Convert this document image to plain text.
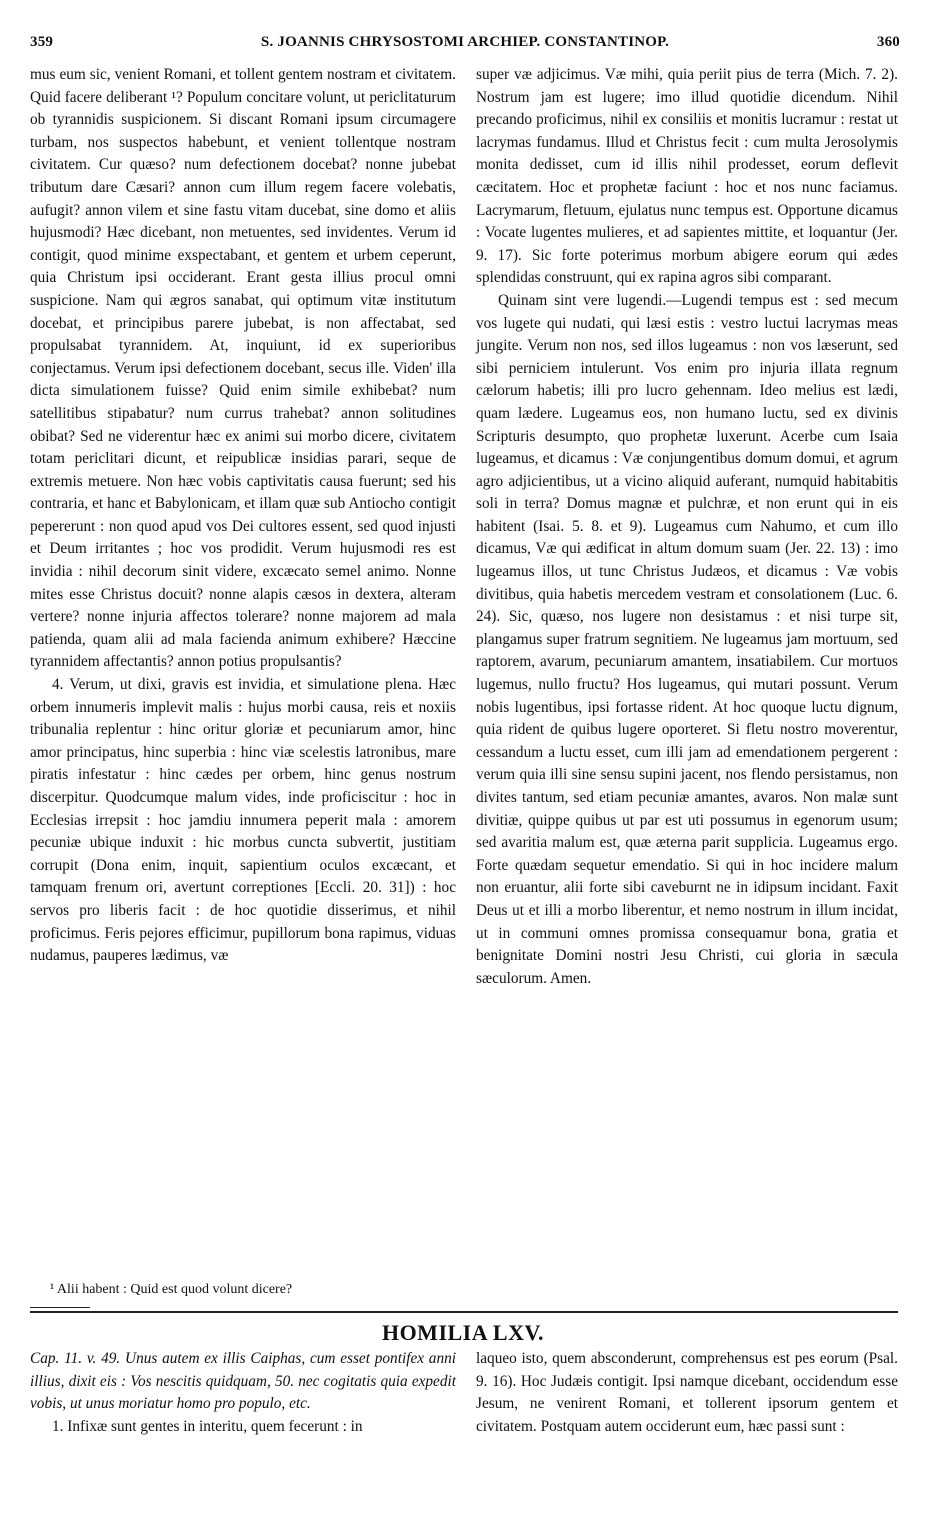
359	S. JOANNIS CHRYSOSTOMI ARCHIEP. CONSTANTINOP.	360

mus eum sic, venient Romani, et tollent gentem nostram et civitatem. Quid facere deliberant ¹? Populum concitare volunt, ut periclitaturum ob tyrannidis suspicionem. Si discant Romani ipsum circumagere turbam, nos suspectos habebunt, et venient tollentque nostram civitatem. Cur quæso? num defectionem docebat? nonne jubebat tributum dare Cæsari? annon cum illum regem facere volebatis, aufugit? annon vilem et sine fastu vitam ducebat, sine domo et aliis hujusmodi? Hæc dicebant, non metuentes, sed invidentes. Verum id contigit, quod minime exspectabant, et gentem et urbem ceperunt, quia Christum ipsi occiderant. Erant gesta illius procul omni suspicione. Nam qui ægros sanabat, qui optimum vitæ institutum docebat, et principibus parere jubebat, is non affectabat, sed propulsabat tyrannidem. At, inquiunt, id ex superioribus conjectamus. Verum ipsi defectionem docebant, secus ille. Viden' illa dicta simulationem fuisse? Quid enim simile exhibebat? num satellitibus stipabatur? num currus trahebat? annon solitudines obibat? Sed ne viderentur hæc ex animi sui morbo dicere, civitatem totam periclitari dicunt, et reipublicæ insidias parari, seque de extremis metuere. Non hæc vobis captivitatis causa fuerunt; sed his contraria, et hanc et Babylonicam, et illam quæ sub Antiocho contigit pepererunt : non quod apud vos Dei cultores essent, sed quod injusti et Deum irritantes ; hoc vos prodidit. Verum hujusmodi res est invidia : nihil decorum sinit videre, excæcato semel animo. Nonne mites esse Christus docuit? nonne alapis cæsos in dextera, alteram vertere? nonne injuria affectos tolerare? nonne majorem ad mala patienda, quam alii ad mala facienda animum exhibere? Hæccine tyrannidem affectantis? annon potius propulsantis?

4. Verum, ut dixi, gravis est invidia, et simulatione plena. Hæc orbem innumeris implevit malis : hujus morbi causa, reis et noxiis tribunalia replentur : hinc oritur gloriæ et pecuniarum amor, hinc amor principatus, hinc superbia : hinc viæ scelestis latronibus, mare piratis infestatur : hinc cædes per orbem, hinc genus nostrum discerpitur. Quodcumque malum vides, inde proficiscitur : hoc in Ecclesias irrepsit : hoc jamdiu innumera peperit mala : amorem pecuniæ ubique induxit : hic morbus cuncta subvertit, justitiam corrupit (Dona enim, inquit, sapientium oculos excæcant, et tamquam frenum ori, avertunt correptiones [Eccli. 20. 31]) : hoc servos pro liberis facit : de hoc quotidie disserimus, et nihil proficimus. Feris pejores efficimur, pupillorum bona rapimus, viduas nudamus, pauperes lædimus, væ

super væ adjicimus. Væ mihi, quia periit pius de terra (Mich. 7. 2). Nostrum jam est lugere; imo illud quotidie dicendum. Nihil precando proficimus, nihil ex consiliis et monitis lucramur : restat ut lacrymas fundamus. Illud et Christus fecit : cum multa Jerosolymis monita dedisset, cum id illis nihil prodesset, eorum deflevit cæcitatem. Hoc et prophetæ faciunt : hoc et nos nunc faciamus. Lacrymarum, fletuum, ejulatus nunc tempus est. Opportune dicamus : Vocate lugentes mulieres, et ad sapientes mittite, et loquantur (Jer. 9. 17). Sic forte poterimus morbum abigere eorum qui ædes splendidas construunt, qui ex rapina agros sibi comparant.

Quinam sint vere lugendi.—Lugendi tempus est : sed mecum vos lugete qui nudati, qui læsi estis : vestro luctui lacrymas meas jungite. Verum non nos, sed illos lugeamus : non vos læserunt, sed sibi perniciem intulerunt. Vos enim pro injuria illata regnum cælorum habetis; illi pro lucro gehennam. Ideo melius est lædi, quam lædere. Lugeamus eos, non humano luctu, sed ex divinis Scripturis desumpto, quo prophetæ luxerunt. Acerbe cum Isaia lugeamus, et dicamus : Væ conjungentibus domum domui, et agrum agro adjicientibus, ut a vicino aliquid auferant, numquid habitabitis soli in terra? Domus magnæ et pulchræ, et non erunt qui in eis habitent (Isai. 5. 8. et 9). Lugeamus cum Nahumo, et cum illo dicamus, Væ qui ædificat in altum domum suam (Jer. 22. 13) : imo lugeamus illos, ut tunc Christus Judæos, et dicamus : Væ vobis divitibus, quia habetis mercedem vestram et consolationem (Luc. 6. 24). Sic, quæso, nos lugere non desistamus : et nisi turpe sit, plangamus super fratrum segnitiem. Ne lugeamus jam mortuum, sed raptorem, avarum, pecuniarum amantem, insatiabilem. Cur mortuos lugemus, nullo fructu? Hos lugeamus, qui mutari possunt. Verum nobis lugentibus, ipsi fortasse rident. At hoc quoque luctu dignum, quia rident de quibus lugere oporteret. Si fletu nostro moverentur, cessandum a luctu esset, cum illi jam ad emendationem pergerent : verum quia illi sine sensu supini jacent, nos flendo persistamus, non divites tantum, sed etiam pecuniæ amantes, avaros. Non malæ sunt divitiæ, quippe quibus ut par est uti possumus in egenorum usum; sed avaritia malum est, quæ æterna parit supplicia. Lugeamus ergo. Forte quædam sequetur emendatio. Si qui in hoc incidere malum non eruantur, alii forte sibi caveburnt ne in idipsum incidant. Faxit Deus ut et illi a morbo liberentur, et nemo nostrum in illum incidat, ut in communi omnes promissa consequamur bona, gratia et benignitate Domini nostri Jesu Christi, cui gloria in sæcula sæculorum. Amen.

¹ Alii habent : Quid est quod volunt dicere?
HOMILIA LXV.

Cap. 11. v. 49. Unus autem ex illis Caiphas, cum esset pontifex anni illius, dixit eis : Vos nescitis quidquam, 50. nec cogitatis quia expedit vobis, ut unus moriatur homo pro populo, etc.

1. Infixæ sunt gentes in interitu, quem fecerunt : in

laqueo isto, quem absconderunt, comprehensus est pes eorum (Psal. 9. 16). Hoc Judæis contigit. Ipsi namque dicebant, occidendum esse Jesum, ne venirent Romani, et tollerent ipsorum gentem et civitatem. Postquam autem occiderunt eum, hæc passi sunt :
